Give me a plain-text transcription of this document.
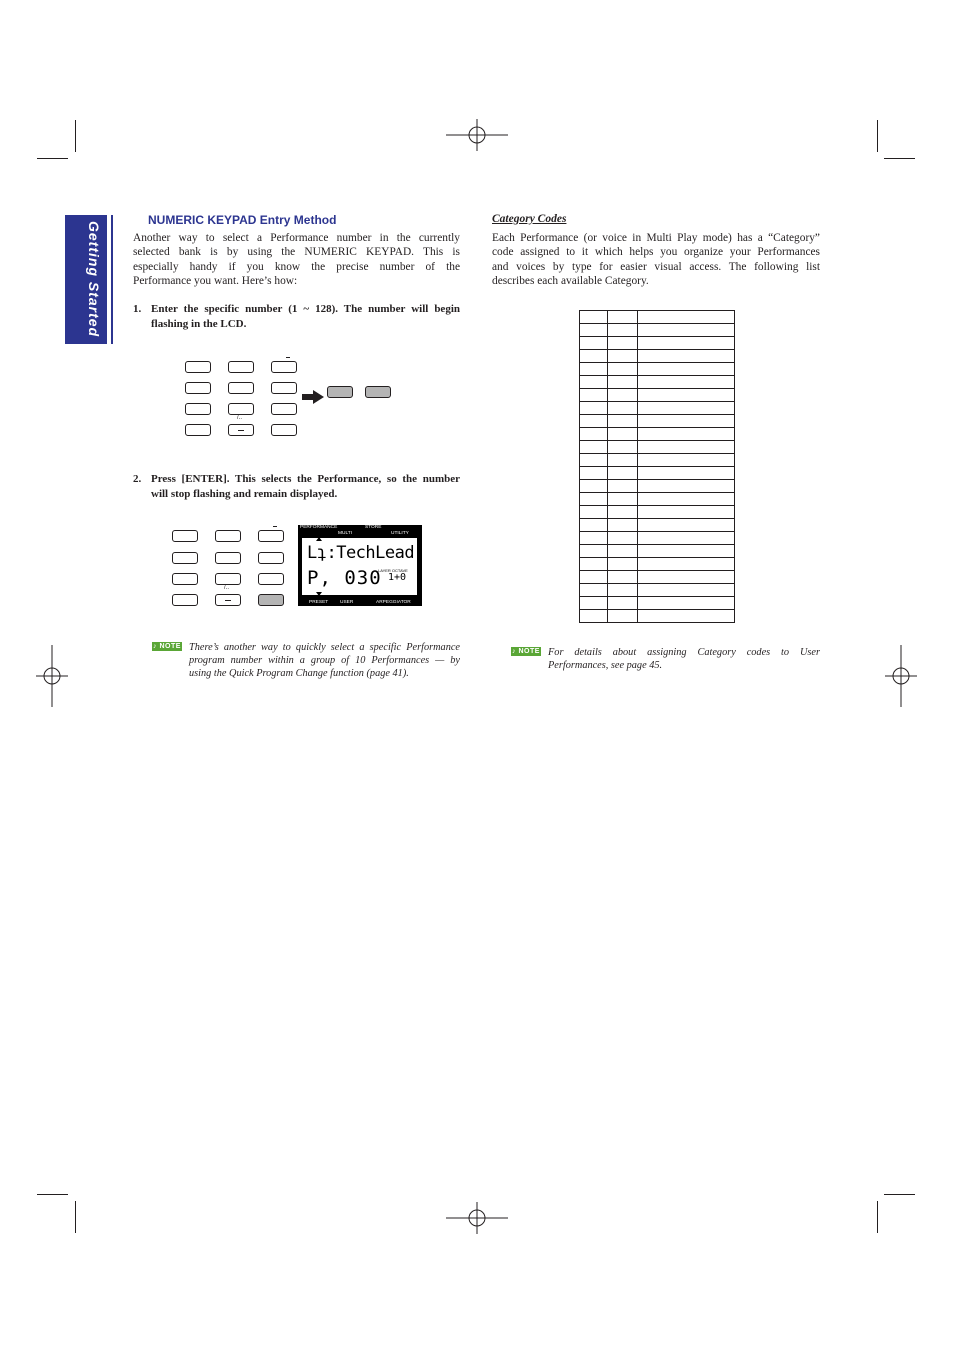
Getting Started
NUMERIC KEYPAD Entry Method
Another way to select a Performance number in the currently
selected bank is by using the NUMERIC KEYPAD. This is
especially handy if you know the precise number of the
Performance you want. Here’s how:
1. Enter the specific number (1 ~ 128). The number will begin
flashing in the LCD.
/..
2. Press [ENTER]. This selects the Performance, so the number
will stop flashing and remain displayed.
/..
PERFORMANCE	STORE
MULTI	UTILITY
Lʇ:TechLead
P, 030
LAYER OCTAVE
1+0
PRESET USER	ARPEGGIATOR
♪ NOTE There’s another way to quickly select a specific Performance
program number within a group of 10 Performances — by
using the Quick Program Change function (page 41).
Category Codes
Each Performance (or voice in Multi Play mode) has a “Category”
code assigned to it which helps you organize your Performances
and voices by type for easier visual access. The following list
describes each available Category.

♪ NOTE For details about assigning Category codes to User
Performances, see page 45.
